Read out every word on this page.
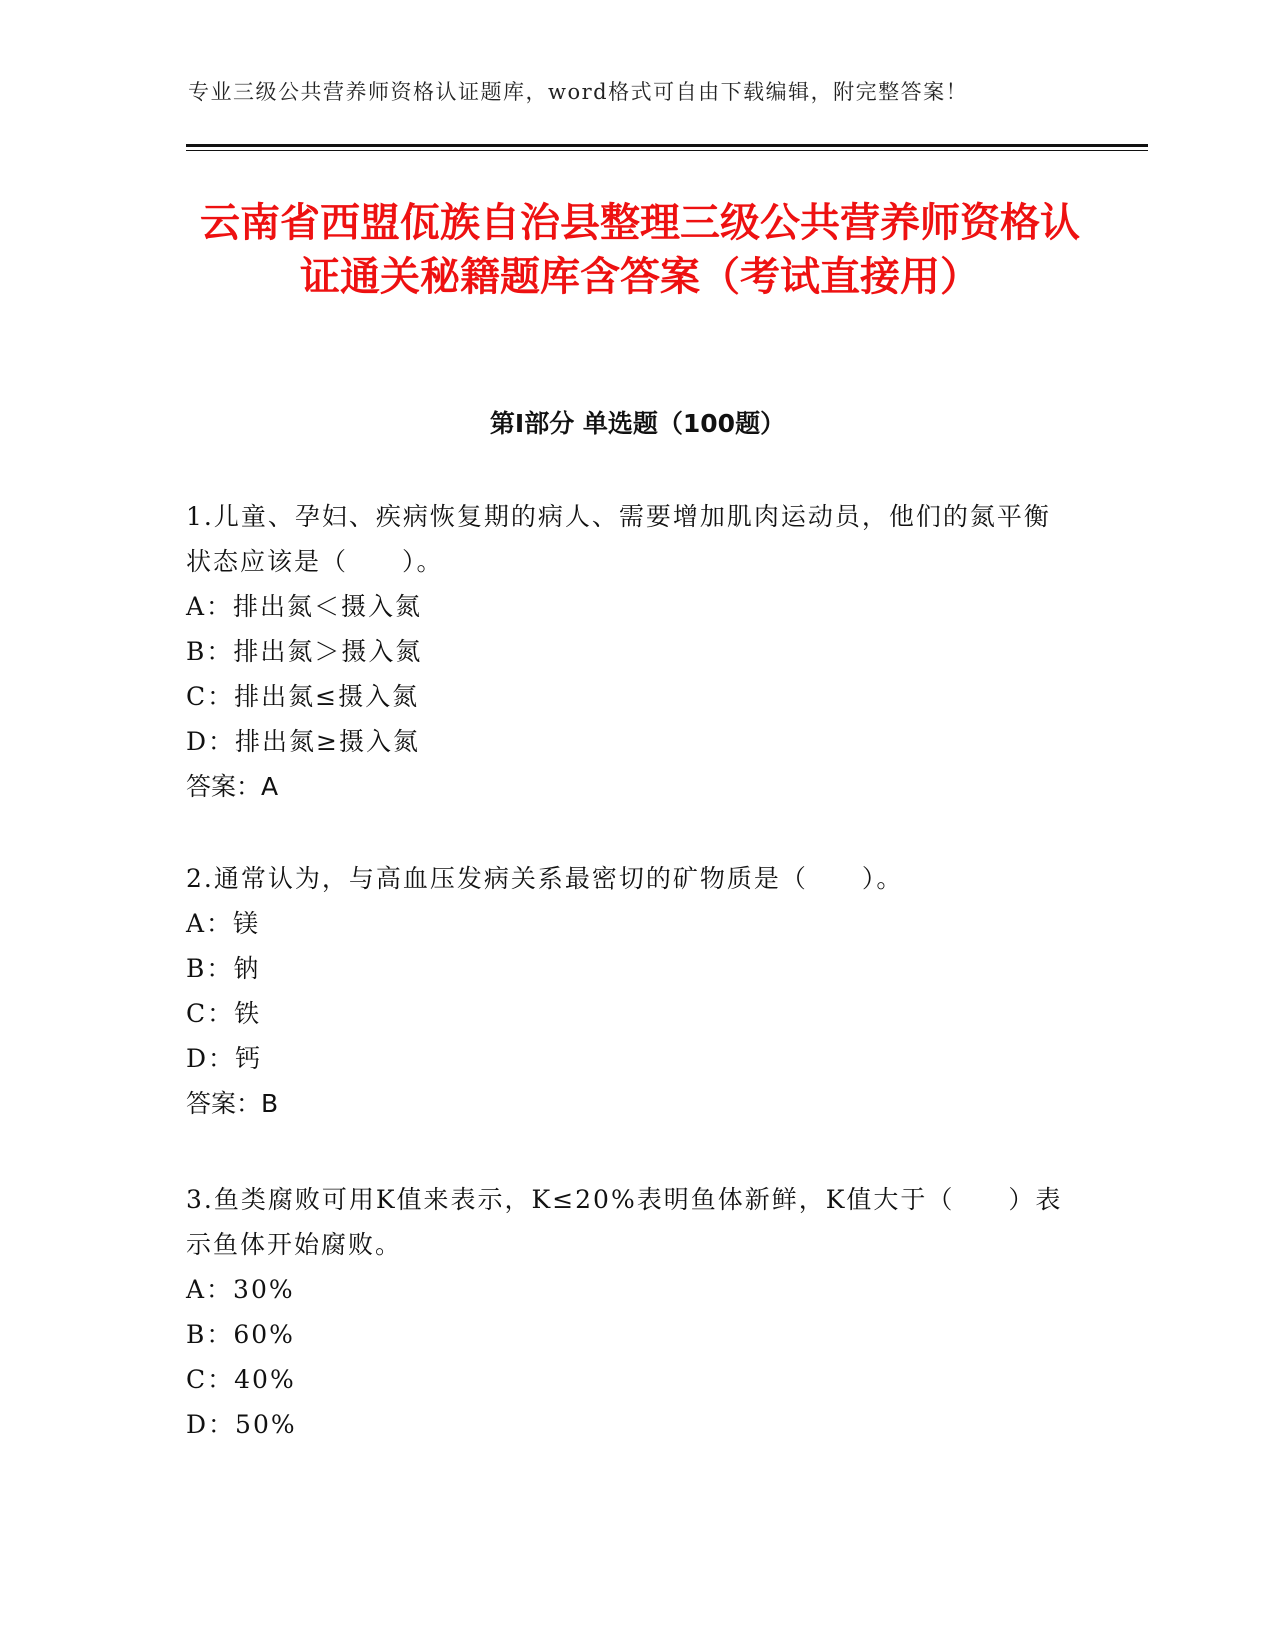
专业三级公共营养师资格认证题库，word格式可自由下载编辑，附完整答案！
云南省西盟佤族自治县整理三级公共营养师资格认证通关秘籍题库含答案（考试直接用）
第I部分 单选题（100题）

1.儿童、孕妇、疾病恢复期的病人、需要增加肌肉运动员，他们的氮平衡状态应该是（　　）。

A：排出氮＜摄入氮

B：排出氮＞摄入氮

C：排出氮≤摄入氮

D：排出氮≥摄入氮

答案：A

2.通常认为，与高血压发病关系最密切的矿物质是（　　）。

A：镁

B：钠

C：铁

D：钙

答案：B

3.鱼类腐败可用K值来表示，K≤20%表明鱼体新鲜，K值大于（　　）表示鱼体开始腐败。

A：30%

B：60%

C：40%

D：50%
